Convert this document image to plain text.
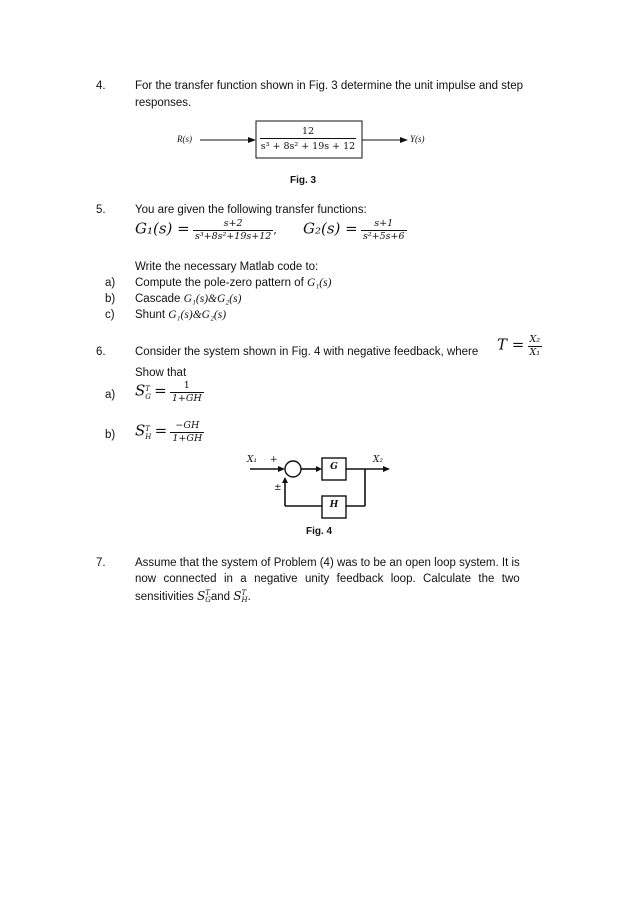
4.	For the transfer function shown in Fig. 3 determine the unit impulse and step
responses.
R(s)	Y(s)
12
s³ + 8s² + 19s + 12
Fig. 3
5.	You are given the following transfer functions:
$G_1(s) = \frac{s+2}{\text{s³+8s²+19s+12}}$ , $G_2(s) = \frac{s+1}{\text{s²+5s+6}}$
Write the necessary Matlab code to:
a) Compute the pole-zero pattern of G₁(s)
b) Cascade G₁(s)&G₂(s)
c) Shunt G₁(s)&G₂(s)
6.	Consider the system shown in Fig. 4 with negative feedback, where $T = \frac{\text{X₂}}{\text{X₁}}$
Show that
a) S T
$G = \frac{1}{1+GH}$
b) S T
$H = \frac{-GH}{1+GH}$
X₁ +
±
X₂
G
H
Fig. 4
7.	Assume that the system of Problem (4) was to be an open loop system. It is
now connected in a negative unity feedback loop. Calculate the two
sensitivities S T
G and S T
H .
